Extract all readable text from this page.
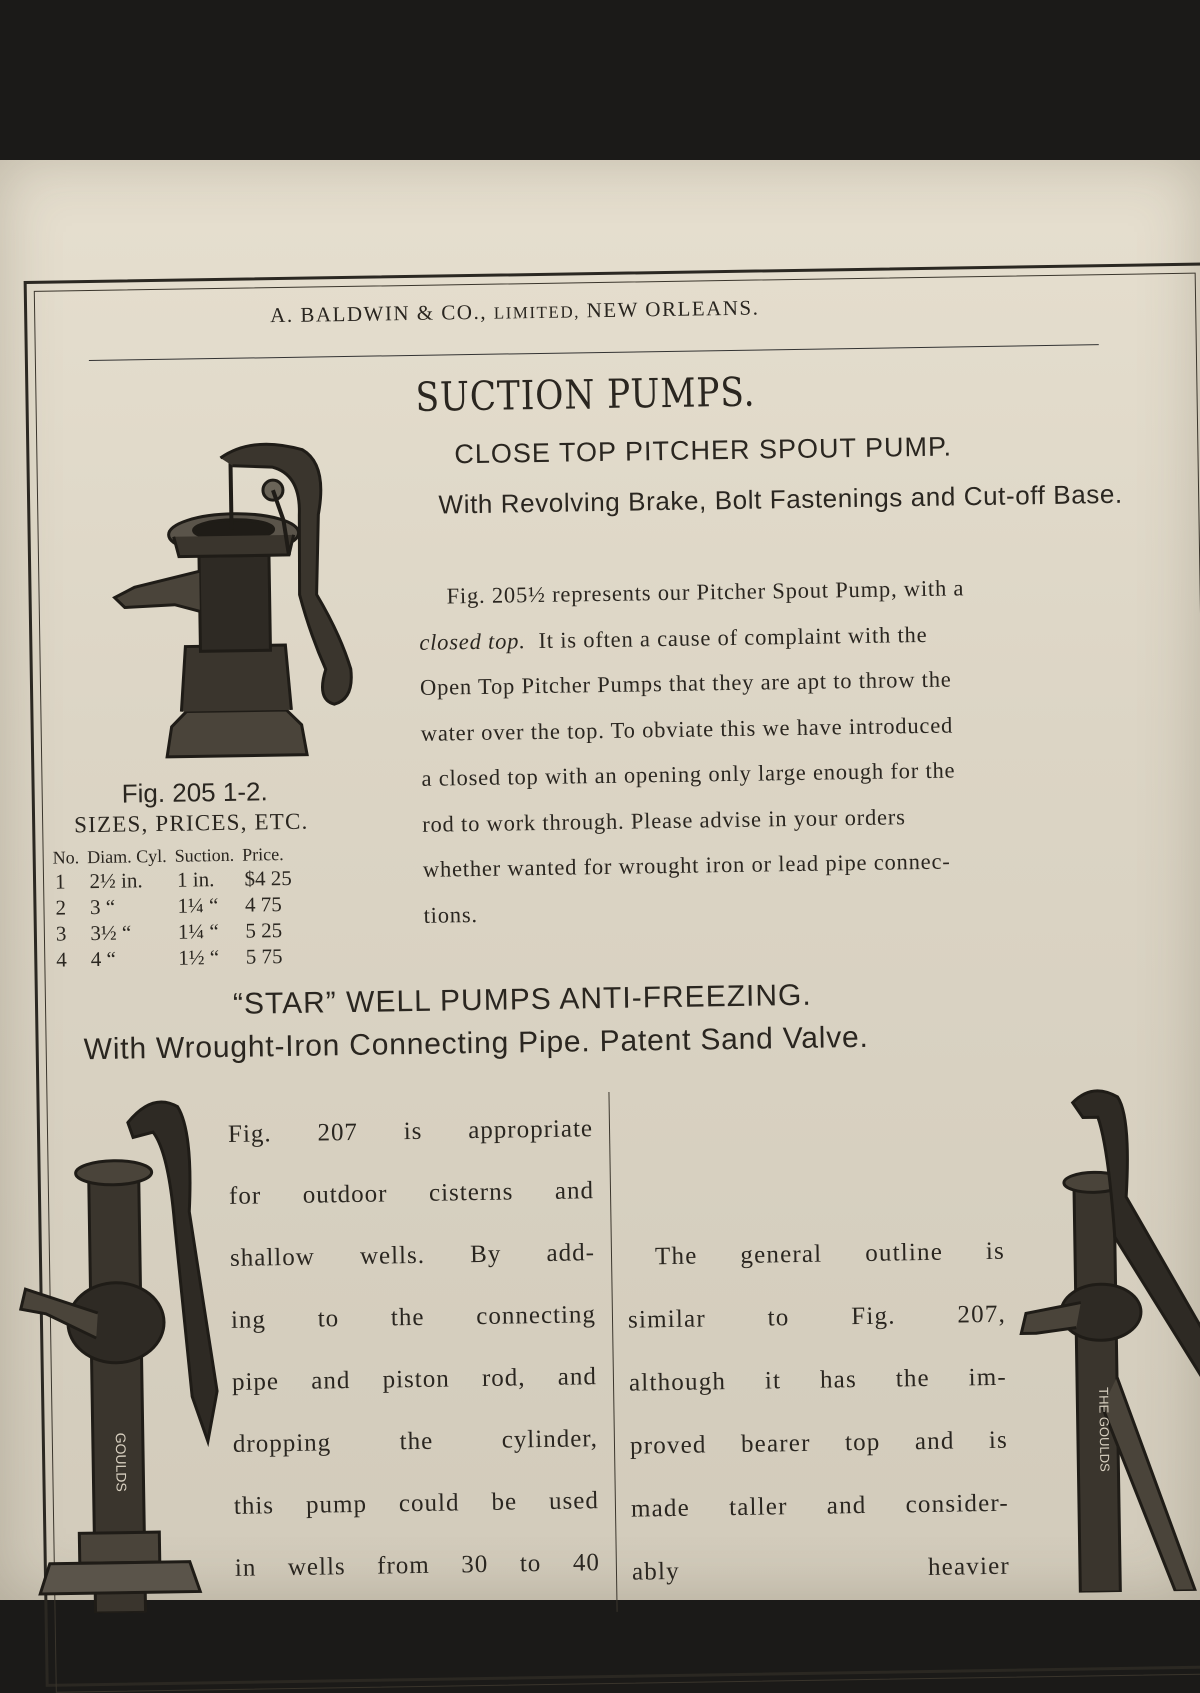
A. BALDWIN & CO., LIMITED, NEW ORLEANS.
SUCTION PUMPS.
CLOSE TOP PITCHER SPOUT PUMP.
With Revolving Brake, Bolt Fastenings and Cut-off Base.
Fig. 205½ represents our Pitcher Spout Pump, with a
closed top. It is often a cause of complaint with the
Open Top Pitcher Pumps that they are apt to throw the
water over the top. To obviate this we have introduced
a closed top with an opening only large enough for the
rod to work through. Please advise in your orders
whether wanted for wrought iron or lead pipe connec-
tions.
Fig. 205 1-2.
SIZES, PRICES, ETC.
No.	Diam. Cyl.	Suction.	Price.
1	2½ in.	1 in.	$4 25
2	3 “	1¼ “	4 75
3	3½ “	1¼ “	5 25
4	4 “	1½ “	5 75
“STAR” WELL PUMPS ANTI-FREEZING.
With Wrought-Iron Connecting Pipe. Patent Sand Valve.
GOULDS
Fig. 207 is appropriate
for outdoor cisterns and
shallow wells. By add-
ing to the connecting
pipe and piston rod, and
dropping the cylinder,
this pump could be used
in wells from 30 to 40
The general outline is
similar to Fig. 207,
although it has the im-
proved bearer top and is
made taller and consider-
ably heavier
THE GOULDS
